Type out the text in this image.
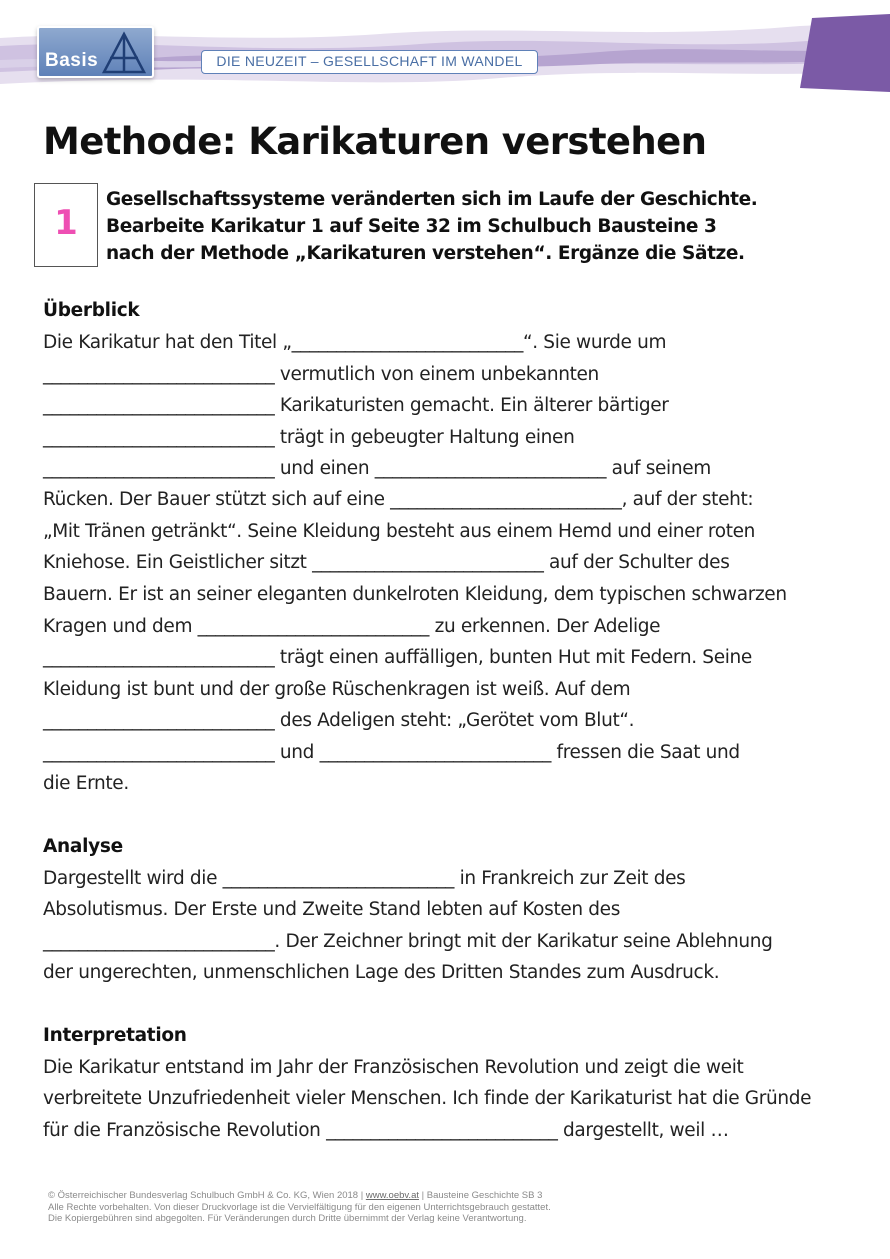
Basis	DIE NEUZEIT – GESELLSCHAFT IM WANDEL
Methode: Karikaturen verstehen
1
Gesellschaftssysteme veränderten sich im Laufe der Geschichte.
Bearbeite Karikatur 1 auf Seite 32 im Schulbuch Bausteine 3
nach der Methode „Karikaturen verstehen“. Ergänze die Sätze.
Überblick
Die Karikatur hat den Titel „__________________________“. Sie wurde um
__________________________ vermutlich von einem unbekannten
__________________________ Karikaturisten gemacht. Ein älterer bärtiger
__________________________ trägt in gebeugter Haltung einen
__________________________ und einen __________________________ auf seinem
Rücken. Der Bauer stützt sich auf eine __________________________, auf der steht:
„Mit Tränen getränkt“. Seine Kleidung besteht aus einem Hemd und einer roten
Kniehose. Ein Geistlicher sitzt __________________________ auf der Schulter des
Bauern. Er ist an seiner eleganten dunkelroten Kleidung, dem typischen schwarzen
Kragen und dem __________________________ zu erkennen. Der Adelige
__________________________ trägt einen auffälligen, bunten Hut mit Federn. Seine
Kleidung ist bunt und der große Rüschenkragen ist weiß. Auf dem
__________________________ des Adeligen steht: „Gerötet vom Blut“.
__________________________ und __________________________ fressen die Saat und
die Ernte.
Analyse
Dargestellt wird die __________________________ in Frankreich zur Zeit des
Absolutismus. Der Erste und Zweite Stand lebten auf Kosten des
__________________________. Der Zeichner bringt mit der Karikatur seine Ablehnung
der ungerechten, unmenschlichen Lage des Dritten Standes zum Ausdruck.
Interpretation
Die Karikatur entstand im Jahr der Französischen Revolution und zeigt die weit
verbreitete Unzufriedenheit vieler Menschen. Ich finde der Karikaturist hat die Gründe
für die Französische Revolution __________________________ dargestellt, weil …
© Österreichischer Bundesverlag Schulbuch GmbH & Co. KG, Wien 2018 | www.oebv.at | Bausteine Geschichte SB 3
Alle Rechte vorbehalten. Von dieser Druckvorlage ist die Vervielfältigung für den eigenen Unterrichtsgebrauch gestattet.
Die Kopiergebühren sind abgegolten. Für Veränderungen durch Dritte übernimmt der Verlag keine Verantwortung.
